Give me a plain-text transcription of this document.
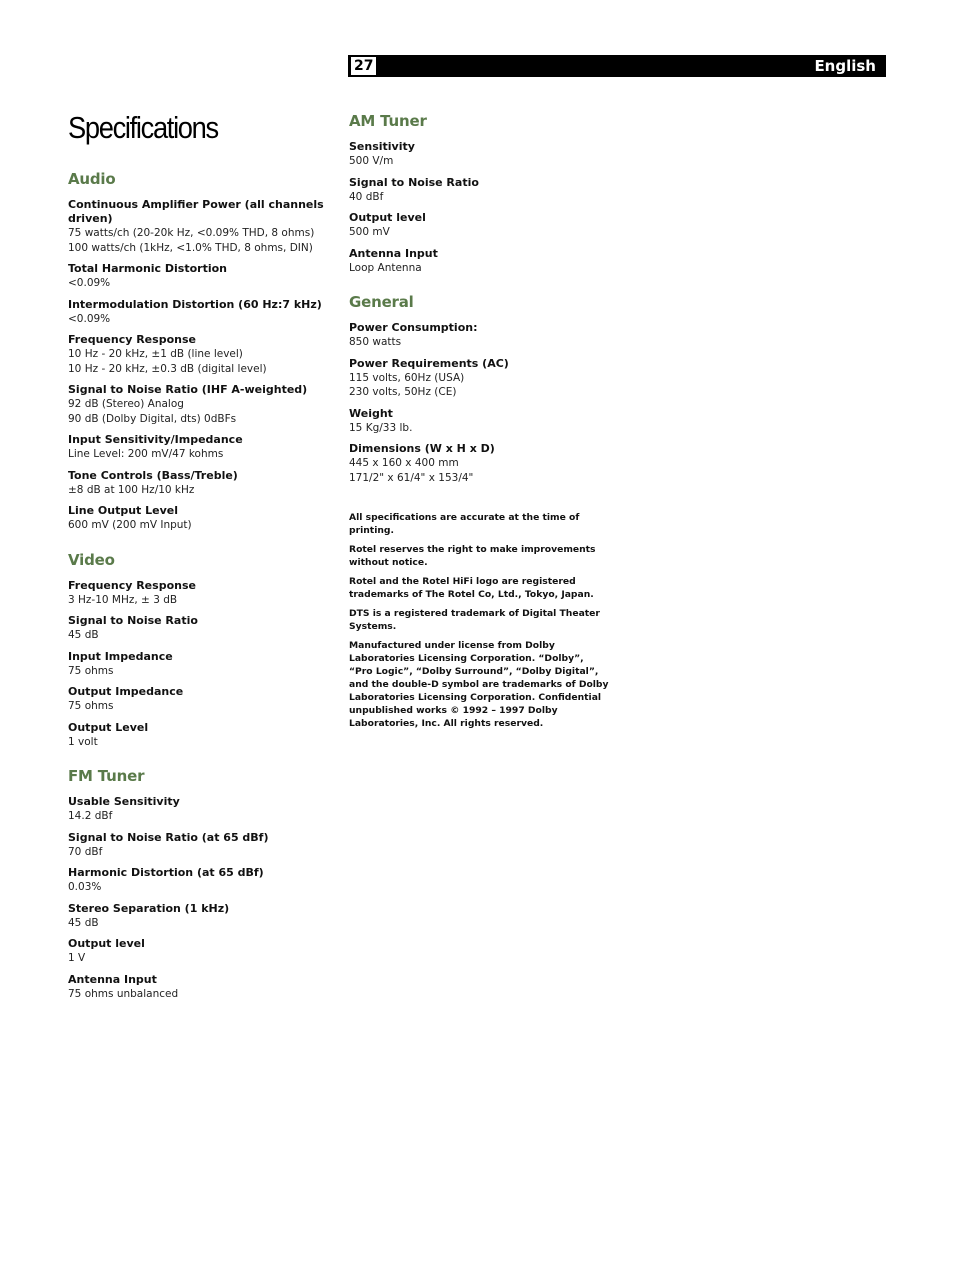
27	English
Specifications
Audio
Continuous Amplifier Power (all channels driven)
75 watts/ch (20-20k Hz, <0.09% THD, 8 ohms)
100 watts/ch (1kHz, <1.0% THD, 8 ohms, DIN)
Total Harmonic Distortion
<0.09%
Intermodulation Distortion (60 Hz:7 kHz)
<0.09%
Frequency Response
10 Hz - 20 kHz, ±1 dB (line level)
10 Hz - 20 kHz, ±0.3 dB (digital level)
Signal to Noise Ratio (IHF A-weighted)
92 dB (Stereo) Analog
90 dB (Dolby Digital, dts) 0dBFs
Input Sensitivity/Impedance
Line Level: 200 mV/47 kohms
Tone Controls (Bass/Treble)
±8 dB at 100 Hz/10 kHz
Line Output Level
600 mV (200 mV Input)
Video
Frequency Response
3 Hz-10 MHz, ± 3 dB
Signal to Noise Ratio
45 dB
Input Impedance
75 ohms
Output Impedance
75 ohms
Output Level
1 volt
FM Tuner
Usable Sensitivity
14.2 dBf
Signal to Noise Ratio (at 65 dBf)
70 dBf
Harmonic Distortion (at 65 dBf)
0.03%
Stereo Separation (1 kHz)
45 dB
Output level
1 V
Antenna Input
75 ohms unbalanced
AM Tuner
Sensitivity
500 V/m
Signal to Noise Ratio
40 dBf
Output level
500 mV
Antenna Input
Loop Antenna
General
Power Consumption:
850 watts
Power Requirements (AC)
115 volts, 60Hz (USA)
230 volts, 50Hz (CE)
Weight
15 Kg/33 lb.
Dimensions (W x H x D)
445 x 160 x 400 mm
171/2" x 61/4" x 153/4"
All specifications are accurate at the time of printing.
Rotel reserves the right to make improvements without notice.
Rotel and the Rotel HiFi logo are registered trademarks of The Rotel Co, Ltd., Tokyo, Japan.
DTS is a registered trademark of Digital Theater Systems.
Manufactured under license from Dolby Laboratories Licensing Corporation. “Dolby”, “Pro Logic”, “Dolby Surround”, “Dolby Digital”, and the double-D symbol are trademarks of Dolby Laboratories Licensing Corporation. Confidential unpublished works © 1992 – 1997 Dolby Laboratories, Inc. All rights reserved.
